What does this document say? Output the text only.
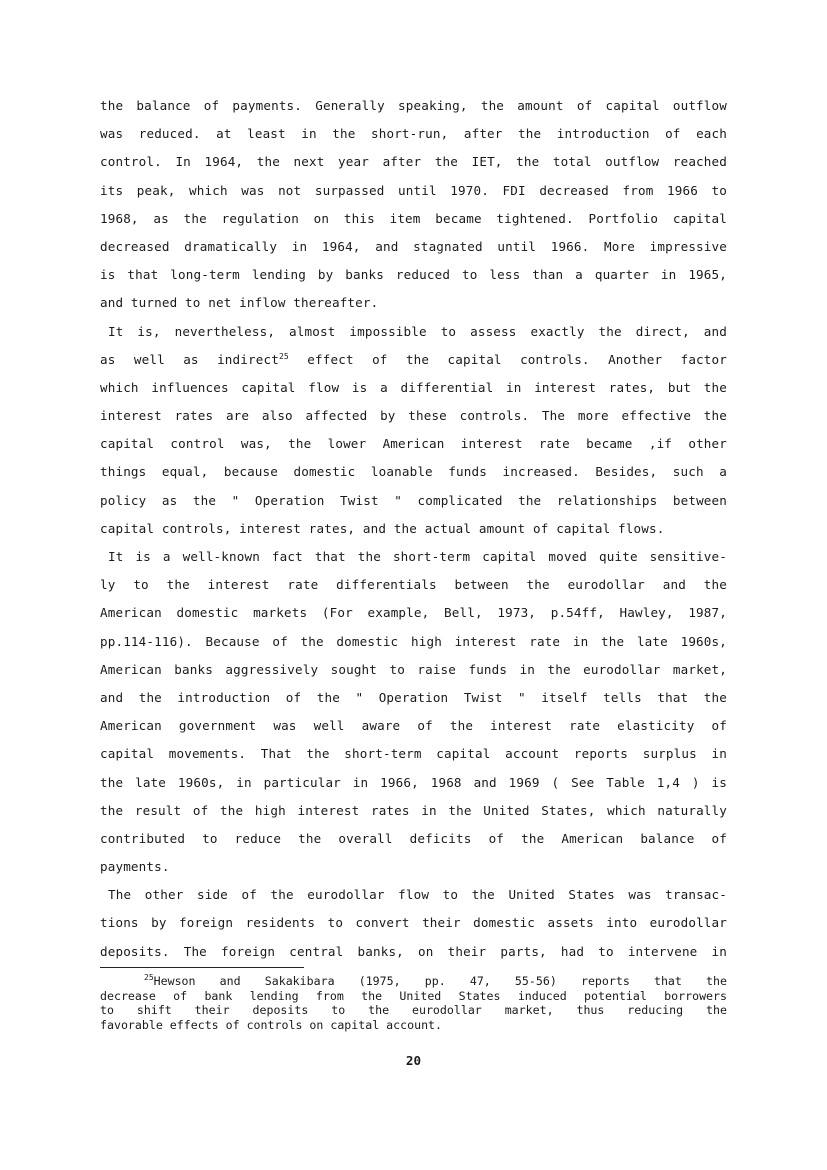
the balance of payments. Generally speaking, the amount of capital outflow
was reduced. at least in the short-run, after the introduction of each
control. In 1964, the next year after the IET, the total outflow reached
its peak, which was not surpassed until 1970. FDI decreased from 1966 to
1968, as the regulation on this item became tightened. Portfolio capital
decreased dramatically in 1964, and stagnated until 1966. More impressive
is that long-term lending by banks reduced to less than a quarter in 1965,
and turned to net inflow thereafter.
It is, nevertheless, almost impossible to assess exactly the direct, and
as well as indirect$^{25}$ effect of the capital controls. Another factor
which influences capital flow is a differential in interest rates, but the
interest rates are also affected by these controls. The more effective the
capital control was, the lower American interest rate became ,if other
things equal, because domestic loanable funds increased. Besides, such a
policy as the " Operation Twist " complicated the relationships between
capital controls, interest rates, and the actual amount of capital flows.
It is a well-known fact that the short-term capital moved quite sensitive-
ly to the interest rate differentials between the eurodollar and the
American domestic markets (For example, Bell, 1973, p.54ff, Hawley, 1987,
pp.114-116). Because of the domestic high interest rate in the late 1960s,
American banks aggressively sought to raise funds in the eurodollar market,
and the introduction of the " Operation Twist " itself tells that the
American government was well aware of the interest rate elasticity of
capital movements. That the short-term capital account reports surplus in
the late 1960s, in particular in 1966, 1968 and 1969 ( See Table 1,4 ) is
the result of the high interest rates in the United States, which naturally
contributed to reduce the overall deficits of the American balance of
payments.
The other side of the eurodollar flow to the United States was transac-
tions by foreign residents to convert their domestic assets into eurodollar
deposits. The foreign central banks, on their parts, had to intervene in
$^{25}$Hewson and Sakakibara (1975, pp. 47, 55-56) reports that the
decrease of bank lending from the United States induced potential borrowers
to shift their deposits to the eurodollar market, thus reducing the
favorable effects of controls on capital account.
20
